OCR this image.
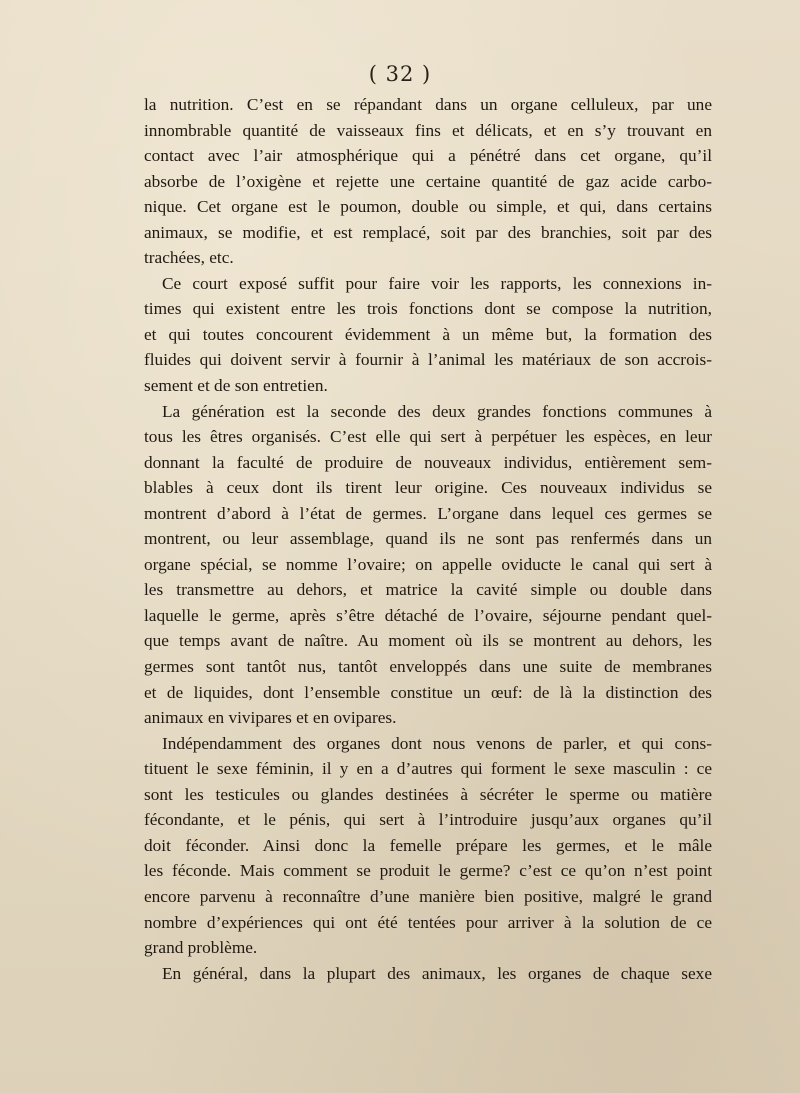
( 32 )
la nutrition. C’est en se répandant dans un organe celluleux, par une
innombrable quantité de vaisseaux fins et délicats, et en s’y trouvant en
contact avec l’air atmosphérique qui a pénétré dans cet organe, qu’il
absorbe de l’oxigène et rejette une certaine quantité de gaz acide carbo-
nique. Cet organe est le poumon, double ou simple, et qui, dans certains
animaux, se modifie, et est remplacé, soit par des branchies, soit par des
trachées, etc.
Ce court exposé suffit pour faire voir les rapports, les connexions in-
times qui existent entre les trois fonctions dont se compose la nutrition,
et qui toutes concourent évidemment à un même but, la formation des
fluides qui doivent servir à fournir à l’animal les matériaux de son accrois-
sement et de son entretien.
La génération est la seconde des deux grandes fonctions communes à
tous les êtres organisés. C’est elle qui sert à perpétuer les espèces, en leur
donnant la faculté de produire de nouveaux individus, entièrement sem-
blables à ceux dont ils tirent leur origine. Ces nouveaux individus se
montrent d’abord à l’état de germes. L’organe dans lequel ces germes se
montrent, ou leur assemblage, quand ils ne sont pas renfermés dans un
organe spécial, se nomme l’ovaire; on appelle oviducte le canal qui sert à
les transmettre au dehors, et matrice la cavité simple ou double dans
laquelle le germe, après s’être détaché de l’ovaire, séjourne pendant quel-
que temps avant de naître. Au moment où ils se montrent au dehors, les
germes sont tantôt nus, tantôt enveloppés dans une suite de membranes
et de liquides, dont l’ensemble constitue un œuf: de là la distinction des
animaux en vivipares et en ovipares.
Indépendamment des organes dont nous venons de parler, et qui cons-
tituent le sexe féminin, il y en a d’autres qui forment le sexe masculin : ce
sont les testicules ou glandes destinées à sécréter le sperme ou matière
fécondante, et le pénis, qui sert à l’introduire jusqu’aux organes qu’il
doit féconder. Ainsi donc la femelle prépare les germes, et le mâle
les féconde. Mais comment se produit le germe? c’est ce qu’on n’est point
encore parvenu à reconnaître d’une manière bien positive, malgré le grand
nombre d’expériences qui ont été tentées pour arriver à la solution de ce
grand problème.
En général, dans la plupart des animaux, les organes de chaque sexe
